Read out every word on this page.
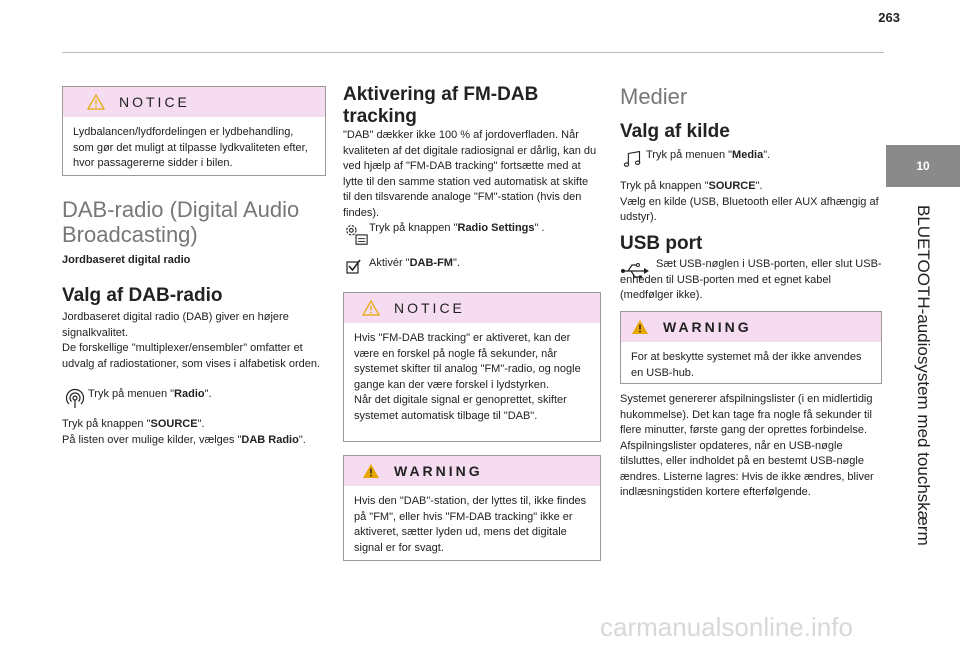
263
10
BLUETOOTH-audiosystem med touchskærm
NOTICE
Lydbalancen/lydfordelingen er lydbehandling, som gør det muligt at tilpasse lydkvaliteten efter, hvor passagererne sidder i bilen.
DAB-radio (Digital Audio
Broadcasting)
Jordbaseret digital radio
Valg af DAB-radio
Jordbaseret digital radio (DAB) giver en højere signalkvalitet.
De forskellige "multiplexer/ensembler" omfatter et udvalg af radiostationer, som vises i alfabetisk orden.
Tryk på menuen "Radio".
Tryk på knappen "SOURCE".
På listen over mulige kilder, vælges "DAB Radio".
Aktivering af FM-DAB
tracking
"DAB" dækker ikke 100 % af jordoverfladen. Når kvaliteten af det digitale radiosignal er dårlig, kan du ved hjælp af "FM-DAB tracking" fortsætte med at lytte til den samme station ved automatisk at skifte til den tilsvarende analoge "FM"-station (hvis den findes).
Tryk på knappen "Radio Settings" .
Aktivér "DAB-FM".
NOTICE
Hvis "FM-DAB tracking" er aktiveret, kan der være en forskel på nogle få sekunder, når systemet skifter til analog "FM"-radio, og nogle gange kan der være forskel i lydstyrken.
Når det digitale signal er genoprettet, skifter systemet automatisk tilbage til "DAB".
WARNING
Hvis den "DAB"-station, der lyttes til, ikke findes på "FM", eller hvis "FM-DAB tracking" ikke er aktiveret, sætter lyden ud, mens det digitale signal er for svagt.
Medier
Valg af kilde
Tryk på menuen "Media".
Tryk på knappen "SOURCE".
Vælg en kilde (USB, Bluetooth eller AUX afhængig af udstyr).
USB port
Sæt USB-nøglen i USB-porten, eller slut USB-enheden til USB-porten med et egnet kabel (medfølger ikke).
WARNING
For at beskytte systemet må der ikke anvendes en USB-hub.
Systemet genererer afspilningslister (i en midlertidig hukommelse). Det kan tage fra nogle få sekunder til flere minutter, første gang der oprettes forbindelse.
Afspilningslister opdateres, når en USB-nøgle tilsluttes, eller indholdet på en bestemt USB-nøgle ændres. Listerne lagres: Hvis de ikke ændres, bliver indlæsningstiden kortere efterfølgende.
carmanualsonline.info
